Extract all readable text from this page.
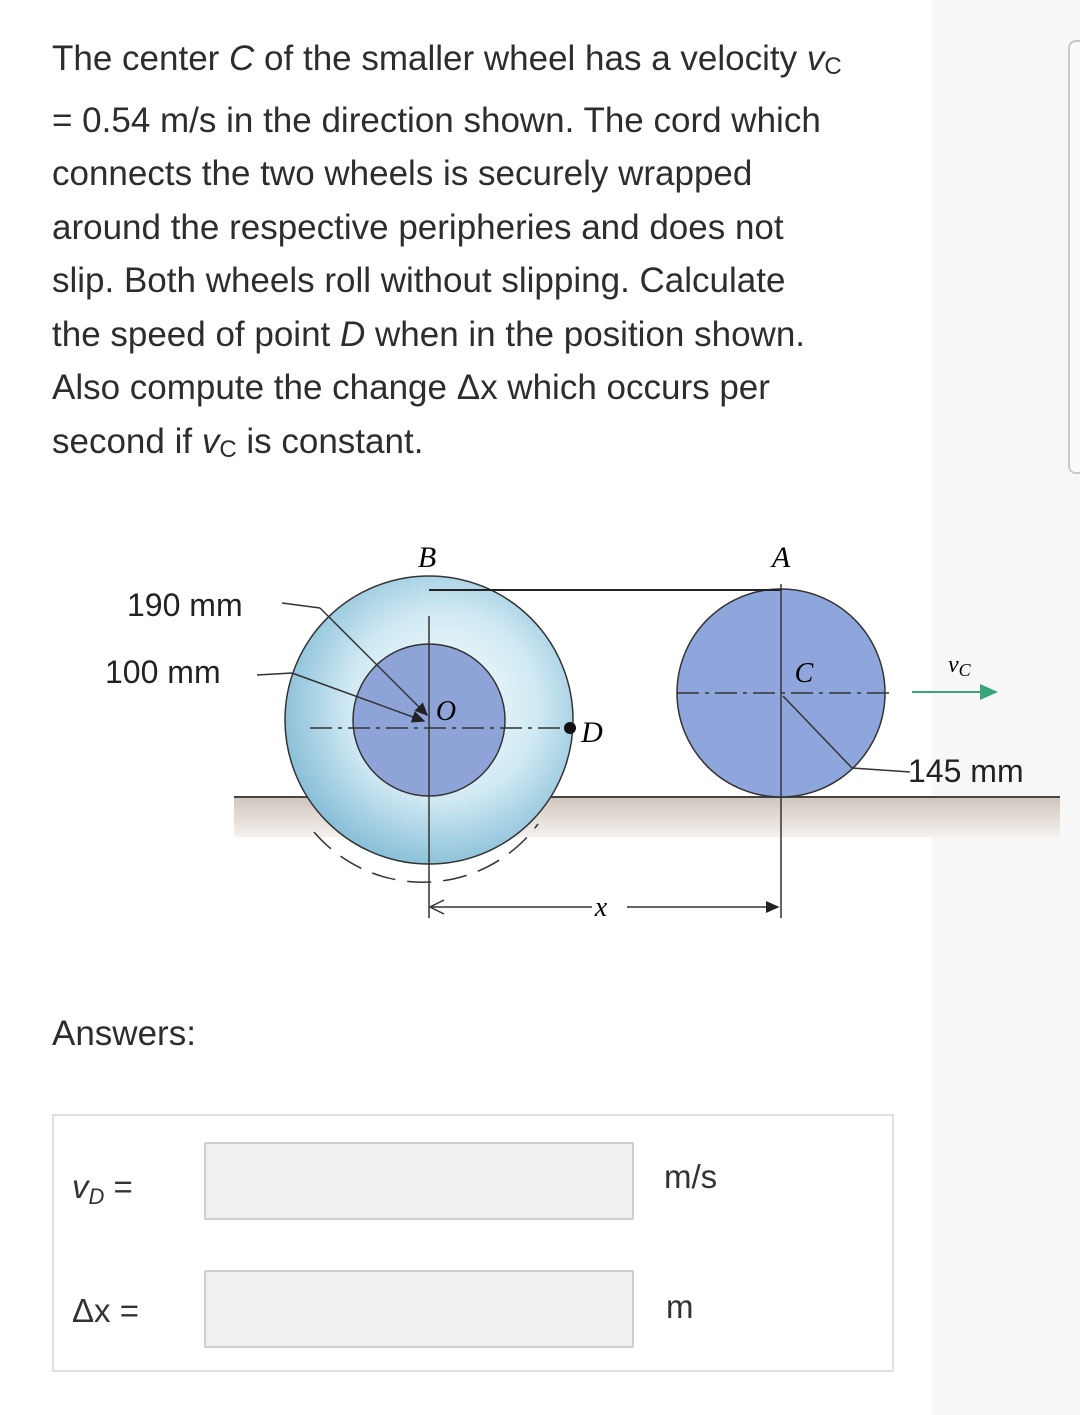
The center C of the smaller wheel has a velocity $v_C$
= 0.54 m/s in the direction shown. The cord which
connects the two wheels is securely wrapped
around the respective peripheries and does not
slip. Both wheels roll without slipping. Calculate
the speed of point D when in the position shown.
Also compute the change Δx which occurs per
second if $v_C$ is constant.
B	A
O
C
D
x
vC
190 mm
100 mm
145 mm
Answers:
$v_D$ =	m/s
Δx =	m
